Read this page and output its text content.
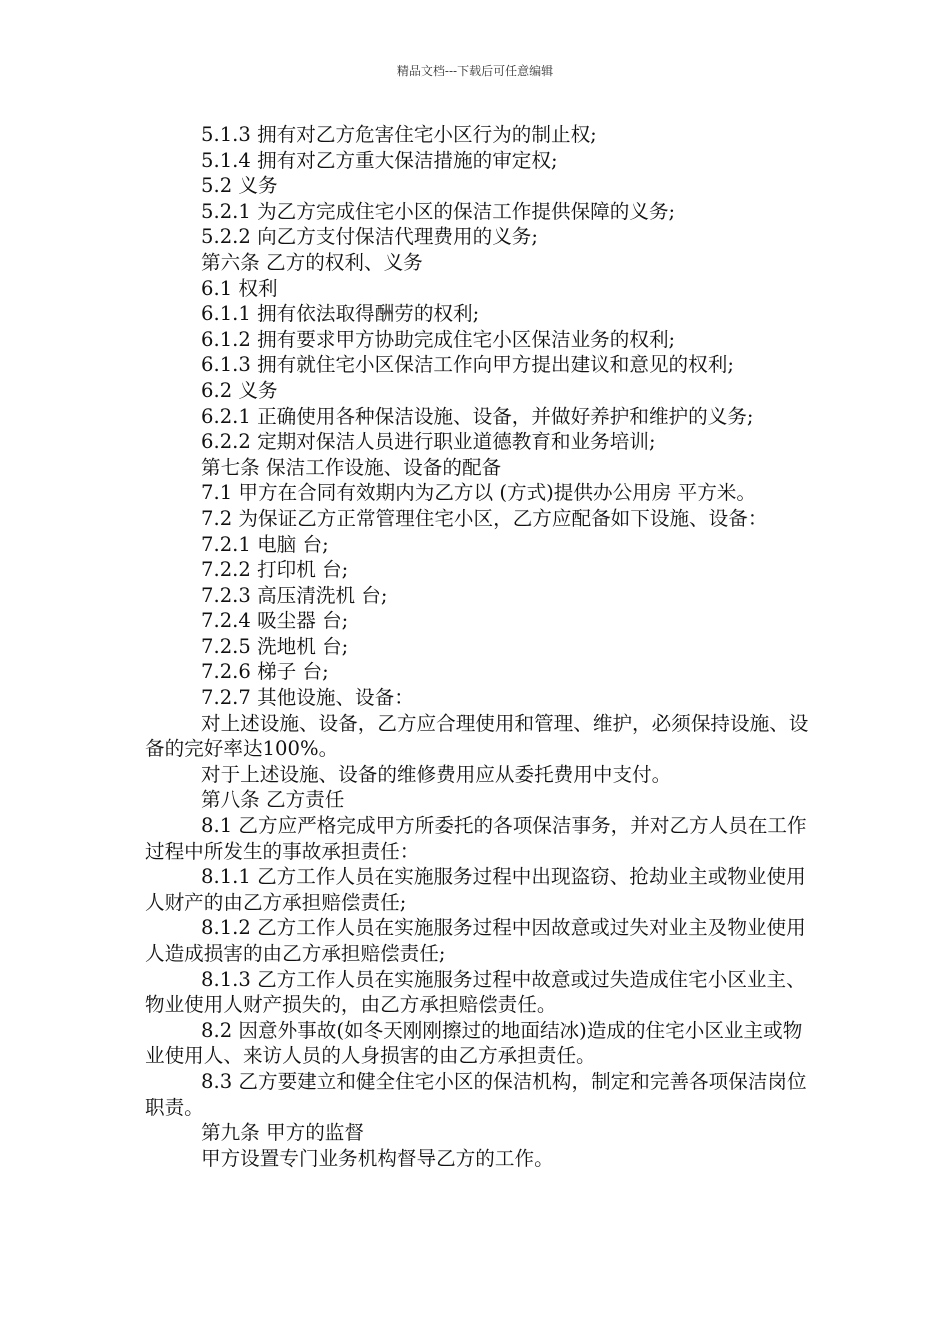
精品文档---下载后可任意编辑

5.1.3 拥有对乙方危害住宅小区行为的制止权;

5.1.4 拥有对乙方重大保洁措施的审定权;

5.2 义务

5.2.1 为乙方完成住宅小区的保洁工作提供保障的义务;

5.2.2 向乙方支付保洁代理费用的义务;

第六条 乙方的权利、义务

6.1 权利

6.1.1 拥有依法取得酬劳的权利;

6.1.2 拥有要求甲方协助完成住宅小区保洁业务的权利;

6.1.3 拥有就住宅小区保洁工作向甲方提出建议和意见的权利;

6.2 义务

6.2.1 正确使用各种保洁设施、设备，并做好养护和维护的义务;

6.2.2 定期对保洁人员进行职业道德教育和业务培训;

第七条 保洁工作设施、设备的配备

7.1 甲方在合同有效期内为乙方以 (方式)提供办公用房 平方米。

7.2 为保证乙方正常管理住宅小区，乙方应配备如下设施、设备：

7.2.1 电脑 台;

7.2.2 打印机 台;

7.2.3 高压清洗机 台;

7.2.4 吸尘器 台;

7.2.5 洗地机 台;

7.2.6 梯子 台;

7.2.7 其他设施、设备：

对上述设施、设备，乙方应合理使用和管理、维护，必须保持设施、设备的完好率达100%。

对于上述设施、设备的维修费用应从委托费用中支付。

第八条 乙方责任

8.1 乙方应严格完成甲方所委托的各项保洁事务，并对乙方人员在工作过程中所发生的事故承担责任：

8.1.1 乙方工作人员在实施服务过程中出现盗窃、抢劫业主或物业使用人财产的由乙方承担赔偿责任;

8.1.2 乙方工作人员在实施服务过程中因故意或过失对业主及物业使用人造成损害的由乙方承担赔偿责任;

8.1.3 乙方工作人员在实施服务过程中故意或过失造成住宅小区业主、物业使用人财产损失的，由乙方承担赔偿责任。

8.2 因意外事故(如冬天刚刚擦过的地面结冰)造成的住宅小区业主或物业使用人、来访人员的人身损害的由乙方承担责任。

8.3 乙方要建立和健全住宅小区的保洁机构，制定和完善各项保洁岗位职责。

第九条 甲方的监督

甲方设置专门业务机构督导乙方的工作。
